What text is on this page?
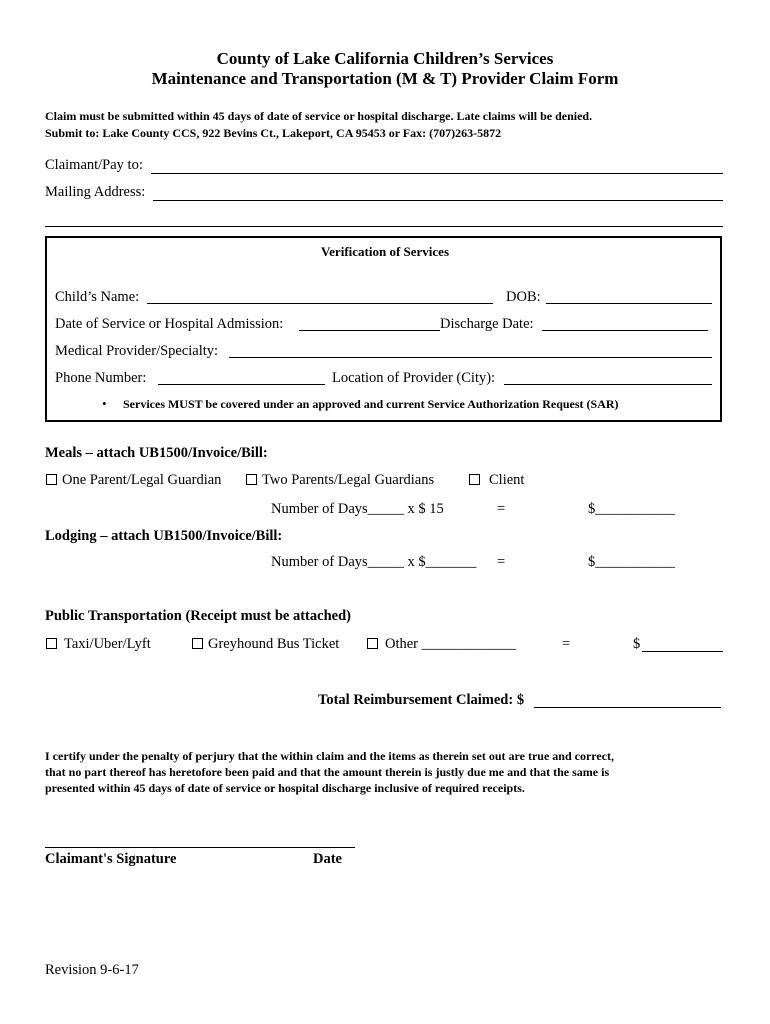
County of Lake California Children’s Services
Maintenance and Transportation (M & T) Provider Claim Form
Claim must be submitted within 45 days of date of service or hospital discharge. Late claims will be denied.
Submit to: Lake County CCS, 922 Bevins Ct., Lakeport, CA 95453 or Fax: (707)263-5872
Claimant/Pay to:
Mailing Address:
Verification of Services
Child’s Name:	DOB:
Date of Service or Hospital Admission:	Discharge Date:
Medical Provider/Specialty:
Phone Number:	Location of Provider (City):
• Services MUST be covered under an approved and current Service Authorization Request (SAR)
Meals – attach UB1500/Invoice/Bill:
One Parent/Legal Guardian	Two Parents/Legal Guardians	Client
Number of Days_____ x $ 15	=	$___________
Lodging – attach UB1500/Invoice/Bill:
Number of Days_____ x $_______ =	$___________
Public Transportation (Receipt must be attached)
Taxi/Uber/Lyft	Greyhound Bus Ticket	Other _____________	=	$
Total Reimbursement Claimed: $
I certify under the penalty of perjury that the within claim and the items as therein set out are true and correct,
that no part thereof has heretofore been paid and that the amount therein is justly due me and that the same is
presented within 45 days of date of service or hospital discharge inclusive of required receipts.
Claimant's Signature	Date
Revision 9-6-17
